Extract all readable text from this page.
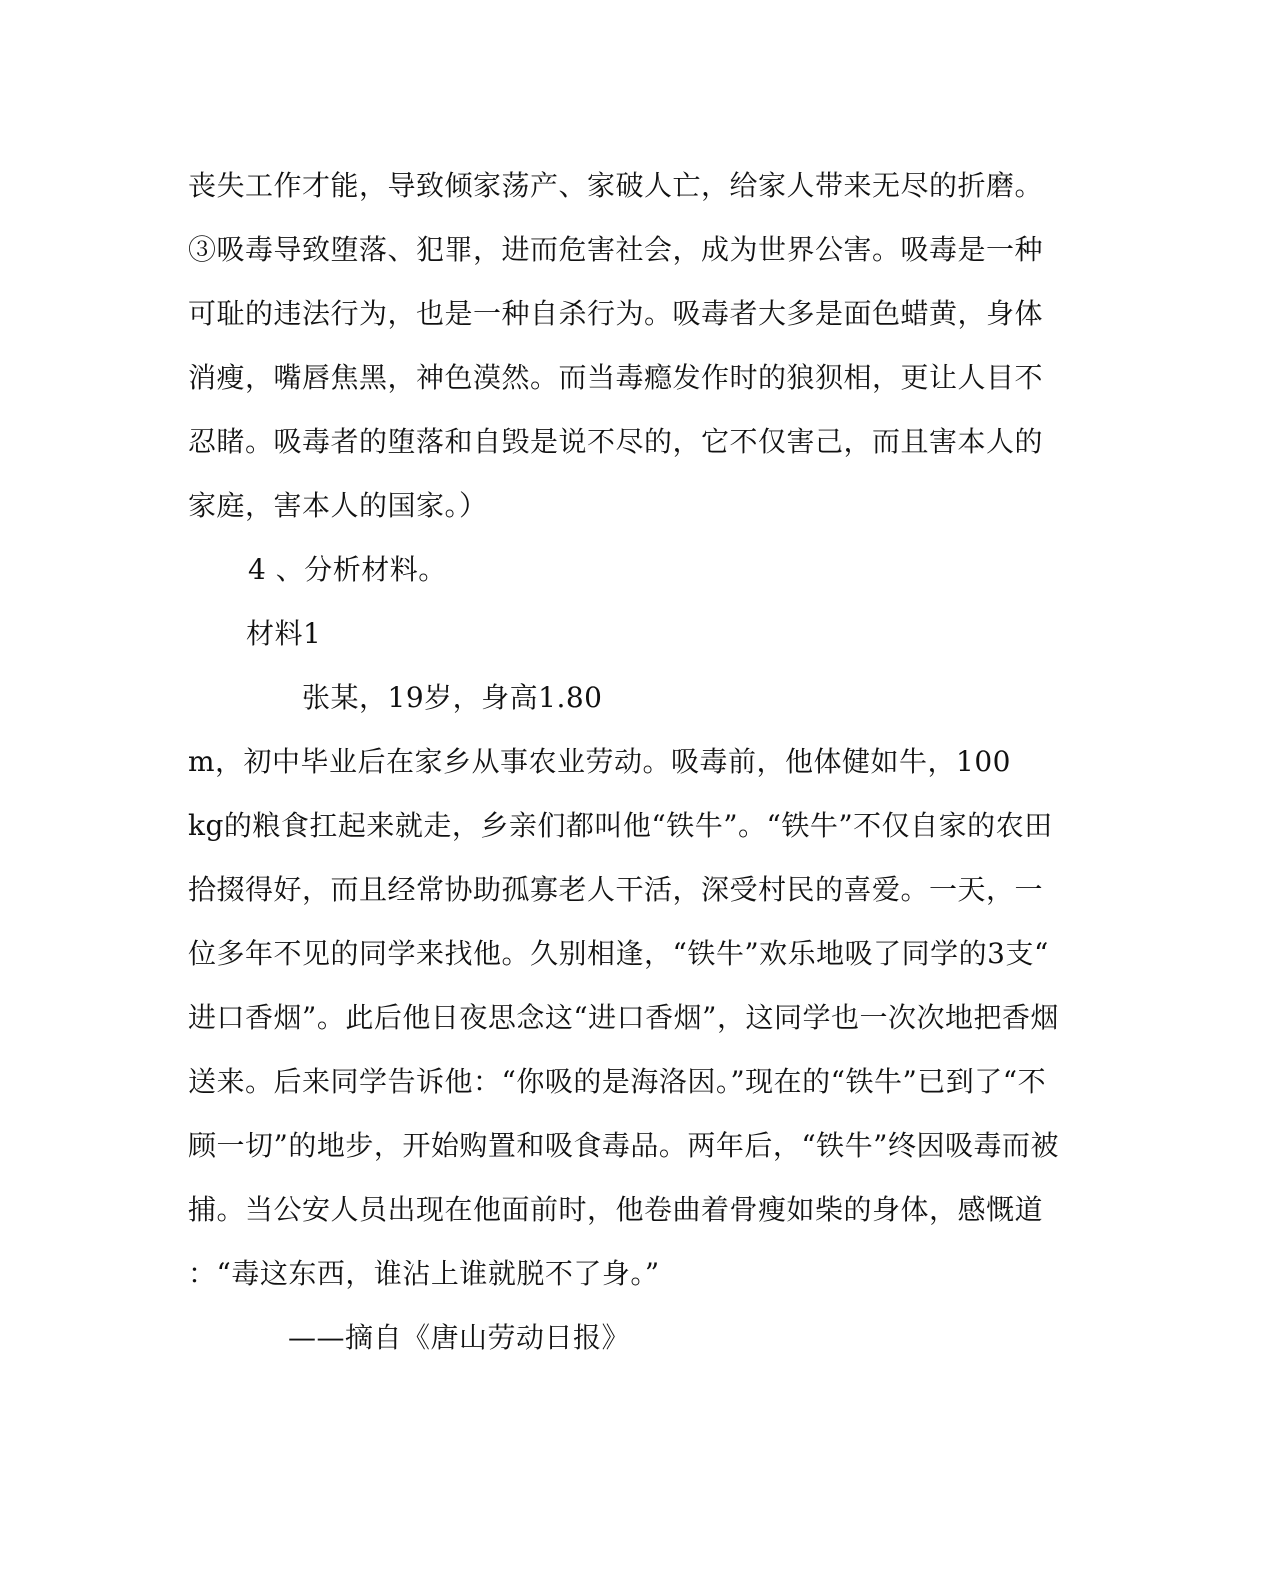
丧失工作才能，导致倾家荡产、家破人亡，给家人带来无尽的折磨。
③吸毒导致堕落、犯罪，进而危害社会，成为世界公害。吸毒是一种
可耻的违法行为，也是一种自杀行为。吸毒者大多是面色蜡黄，身体
消瘦，嘴唇焦黑，神色漠然。而当毒瘾发作时的狼狈相，更让人目不
忍睹。吸毒者的堕落和自毁是说不尽的，它不仅害己，而且害本人的
家庭，害本人的国家。）
4 、分析材料。
材料1
张某，19岁，身高1.80
m，初中毕业后在家乡从事农业劳动。吸毒前，他体健如牛，100
kg的粮食扛起来就走，乡亲们都叫他“铁牛”。“铁牛”不仅自家的农田
拾掇得好，而且经常协助孤寡老人干活，深受村民的喜爱。一天，一
位多年不见的同学来找他。久别相逢，“铁牛”欢乐地吸了同学的3支“
进口香烟”。此后他日夜思念这“进口香烟”，这同学也一次次地把香烟
送来。后来同学告诉他：“你吸的是海洛因。”现在的“铁牛”已到了“不
顾一切”的地步，开始购置和吸食毒品。两年后，“铁牛”终因吸毒而被
捕。当公安人员出现在他面前时，他卷曲着骨瘦如柴的身体，感慨道
：“毒这东西，谁沾上谁就脱不了身。”
——摘自《唐山劳动日报》
